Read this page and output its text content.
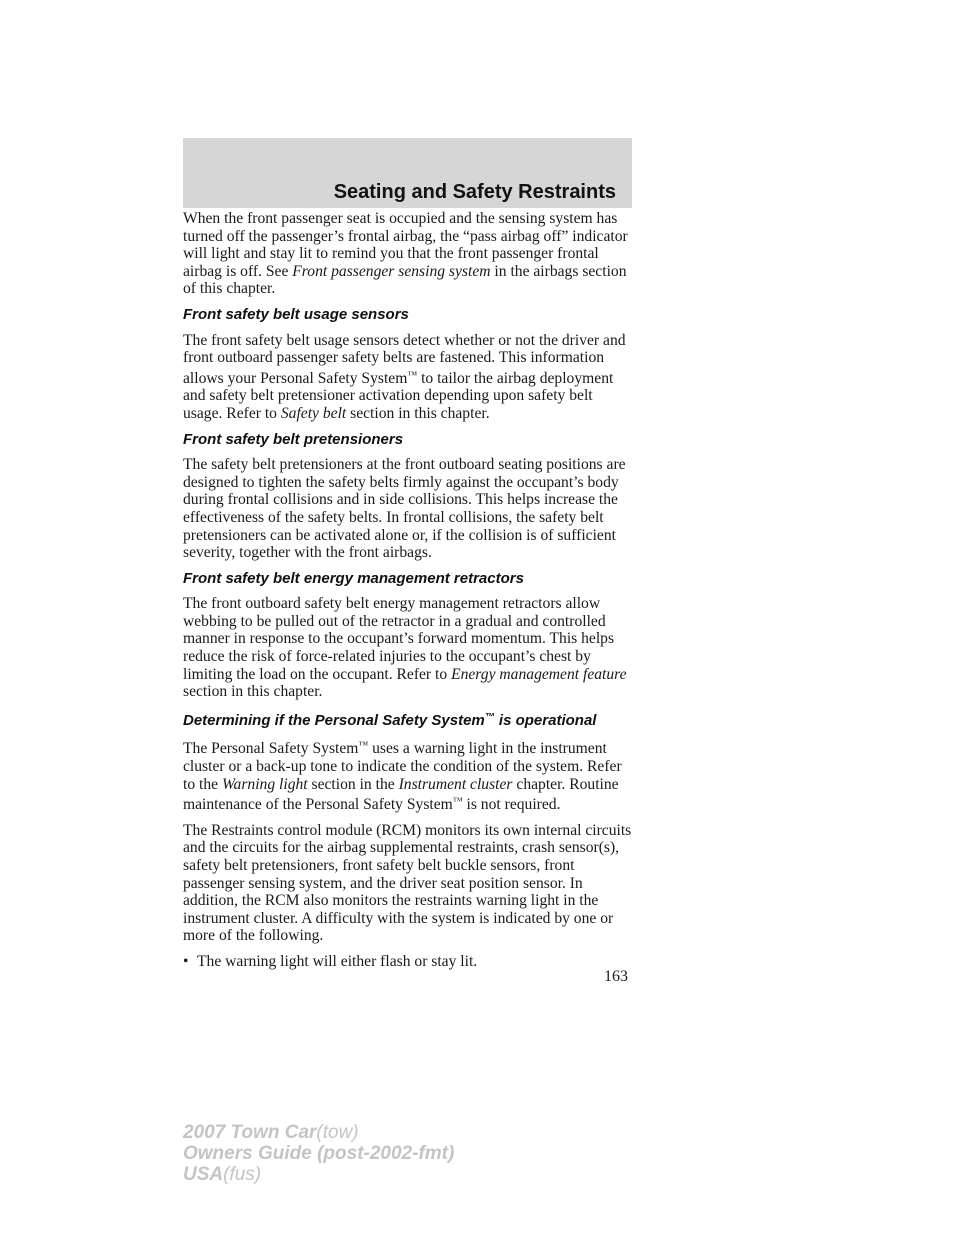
Seating and Safety Restraints

When the front passenger seat is occupied and the sensing system has turned off the passenger’s frontal airbag, the “pass airbag off” indicator will light and stay lit to remind you that the front passenger frontal airbag is off. See Front passenger sensing system in the airbags section of this chapter.

Front safety belt usage sensors

The front safety belt usage sensors detect whether or not the driver and front outboard passenger safety belts are fastened. This information allows your Personal Safety System™ to tailor the airbag deployment and safety belt pretensioner activation depending upon safety belt usage. Refer to Safety belt section in this chapter.

Front safety belt pretensioners

The safety belt pretensioners at the front outboard seating positions are designed to tighten the safety belts firmly against the occupant’s body during frontal collisions and in side collisions. This helps increase the effectiveness of the safety belts. In frontal collisions, the safety belt pretensioners can be activated alone or, if the collision is of sufficient severity, together with the front airbags.

Front safety belt energy management retractors

The front outboard safety belt energy management retractors allow webbing to be pulled out of the retractor in a gradual and controlled manner in response to the occupant’s forward momentum. This helps reduce the risk of force-related injuries to the occupant’s chest by limiting the load on the occupant. Refer to Energy management feature section in this chapter.

Determining if the Personal Safety System™ is operational

The Personal Safety System™ uses a warning light in the instrument cluster or a back-up tone to indicate the condition of the system. Refer to the Warning light section in the Instrument cluster chapter. Routine maintenance of the Personal Safety System™ is not required.

The Restraints control module (RCM) monitors its own internal circuits and the circuits for the airbag supplemental restraints, crash sensor(s), safety belt pretensioners, front safety belt buckle sensors, front passenger sensing system, and the driver seat position sensor. In addition, the RCM also monitors the restraints warning light in the instrument cluster. A difficulty with the system is indicated by one or more of the following.

• The warning light will either flash or stay lit.
163
2007 Town Car(tow)
Owners Guide (post-2002-fmt)
USA(fus)
